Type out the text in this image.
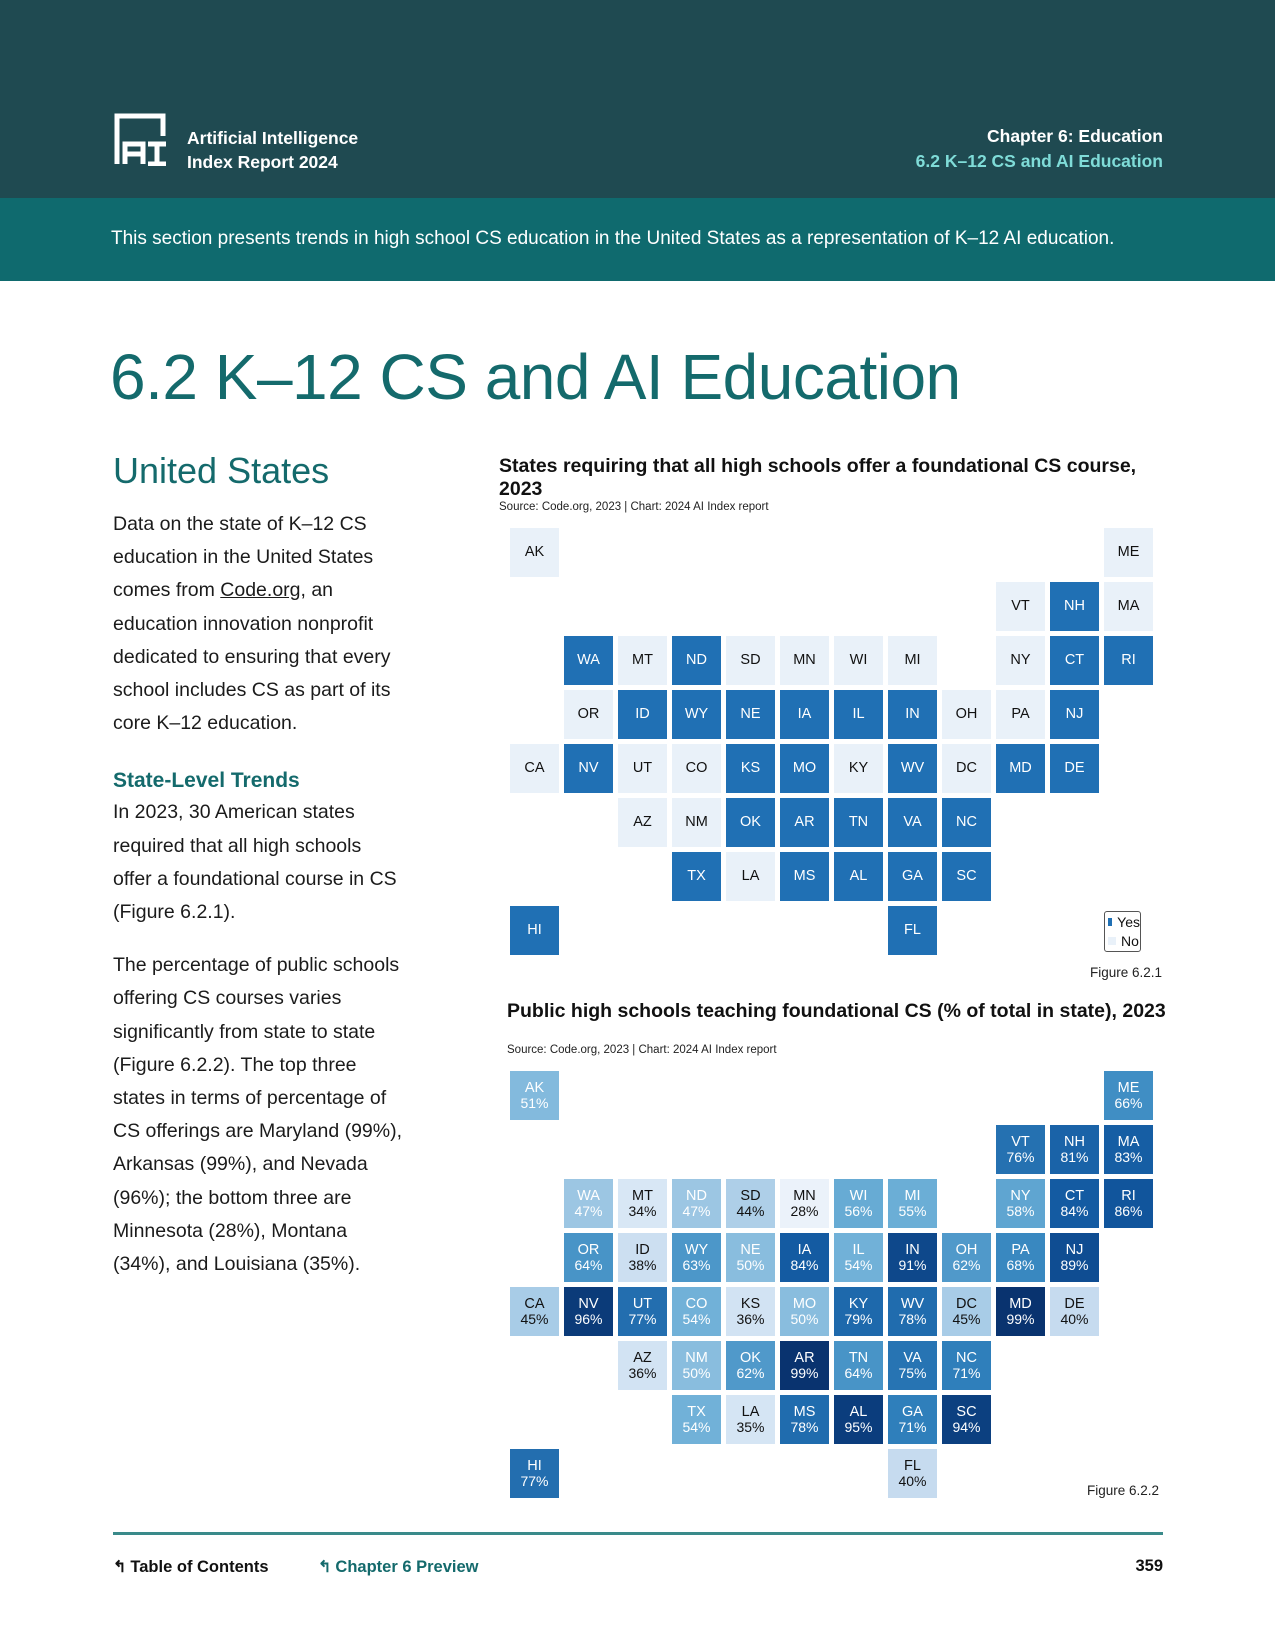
Artificial Intelligence
Index Report 2024
Chapter 6: Education
6.2 K–12 CS and AI Education

This section presents trends in high school CS education in the United States as a representation of K–12 AI education.

6.2 K–12 CS and AI Education
United States

Data on the state of K–12 CS education in the United States comes from Code.org, an education innovation nonprofit dedicated to ensuring that every school includes CS as part of its core K–12 education.

State-Level Trends

In 2023, 30 American states required that all high schools offer a foundational course in CS (Figure 6.2.1).

The percentage of public schools offering CS courses varies significantly from state to state (Figure 6.2.2). The top three states in terms of percentage of CS offerings are Maryland (99%), Arkansas (99%), and Nevada (96%); the bottom three are Minnesota (28%), Montana (34%), and Louisiana (35%).

States requiring that all high schools offer a foundational CS course, 2023
Source: Code.org, 2023 | Chart: 2024 AI Index report
AK	ME
VT NH MA
WA MT ND SD MN WI	MI	NY CT	RI
OR ID WY NE	IA	IL	IN OH PA NJ
CA NV UT CO KS MO KY WV DC MD DE
AZ NM OK AR TN VA NC
TX LA MS AL GA SC
HI	FL
Yes
No
Figure 6.2.1
Public high schools teaching foundational CS (% of total in state), 2023
Source: Code.org, 2023 | Chart: 2024 AI Index report
AK
51%
ME
66%
VT
76%
NH
81%
MA
83%
WA
47%
MT
34%
ND
47%
SD
44%
MN
28%
WI
56%
MI
55%
NY
58%
CT
84%
RI
86%
OR
64%
ID
38%
WY
63%
NE
50%
IA
84%
IL
54%
IN
91%
OH
62%
PA
68%
NJ
89%
CA
45%
NV
96%
UT
77%
CO
54%
KS
36%
MO
50%
KY
79%
WV
78%
DC
45%
MD
99%
DE
40%
AZ
36%
NM
50%
OK
62%
AR
99%
TN
64%
VA
75%
NC
71%
TX
54%
LA
35%
MS
78%
AL
95%
GA
71%
SC
94%
HI
77%
FL
40%
Figure 6.2.2
↰ Table of Contents	↰ Chapter 6 Preview	359
